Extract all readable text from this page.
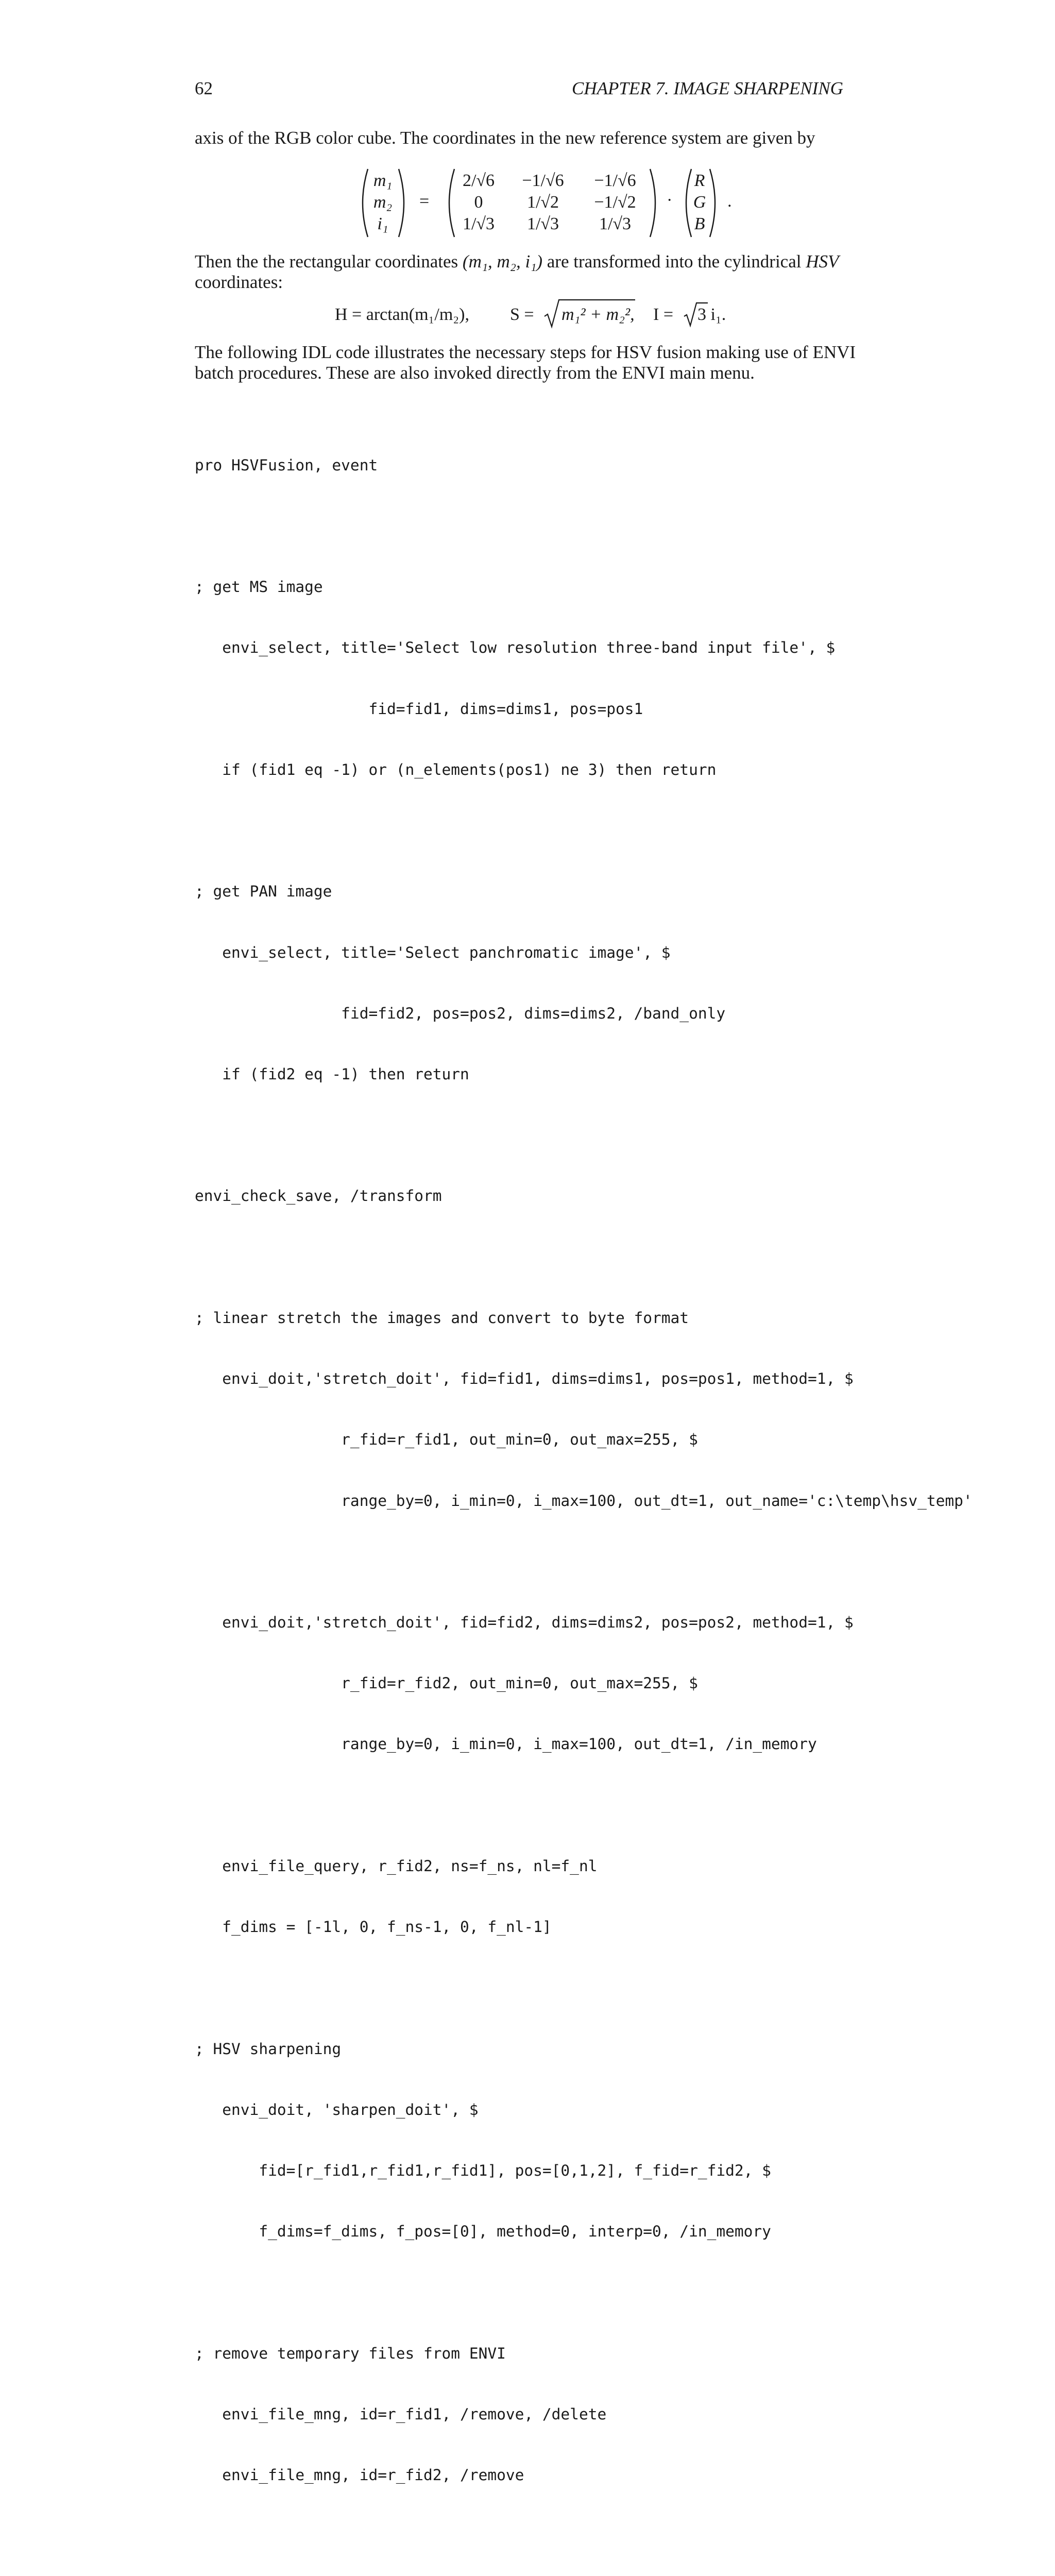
62	CHAPTER 7. IMAGE SHARPENING
axis of the RGB color cube. The coordinates in the new reference system are given by
m₁
m₂
i₁
=
2/√6
0
1/√3
−1/√6
1/√2
1/√3
−1/√6
−1/√2
1/√3
·
R
G
B
.
Then the the rectangular coordinates (m₁, m₂, i₁) are transformed into the cylindrical HSV
coordinates:
H = arctan(m₁/m₂), S = m₁² + m₂², I = 3 i₁.
The following IDL code illustrates the necessary steps for HSV fusion making use of ENVI batch procedures. These are also invoked directly from the ENVI main menu.

pro HSVFusion, event

; get MS image

envi_select, title='Select low resolution three-band input file', $

fid=fid1, dims=dims1, pos=pos1

if (fid1 eq -1) or (n_elements(pos1) ne 3) then return

; get PAN image

envi_select, title='Select panchromatic image', $

fid=fid2, pos=pos2, dims=dims2, /band_only

if (fid2 eq -1) then return

envi_check_save, /transform

; linear stretch the images and convert to byte format

envi_doit,'stretch_doit', fid=fid1, dims=dims1, pos=pos1, method=1, $

r_fid=r_fid1, out_min=0, out_max=255, $

range_by=0, i_min=0, i_max=100, out_dt=1, out_name='c:\temp\hsv_temp'

envi_doit,'stretch_doit', fid=fid2, dims=dims2, pos=pos2, method=1, $

r_fid=r_fid2, out_min=0, out_max=255, $

range_by=0, i_min=0, i_max=100, out_dt=1, /in_memory

envi_file_query, r_fid2, ns=f_ns, nl=f_nl

f_dims = [-1l, 0, f_ns-1, 0, f_nl-1]

; HSV sharpening

envi_doit, 'sharpen_doit', $

fid=[r_fid1,r_fid1,r_fid1], pos=[0,1,2], f_fid=r_fid2, $

f_dims=f_dims, f_pos=[0], method=0, interp=0, /in_memory

; remove temporary files from ENVI

envi_file_mng, id=r_fid1, /remove, /delete

envi_file_mng, id=r_fid2, /remove
